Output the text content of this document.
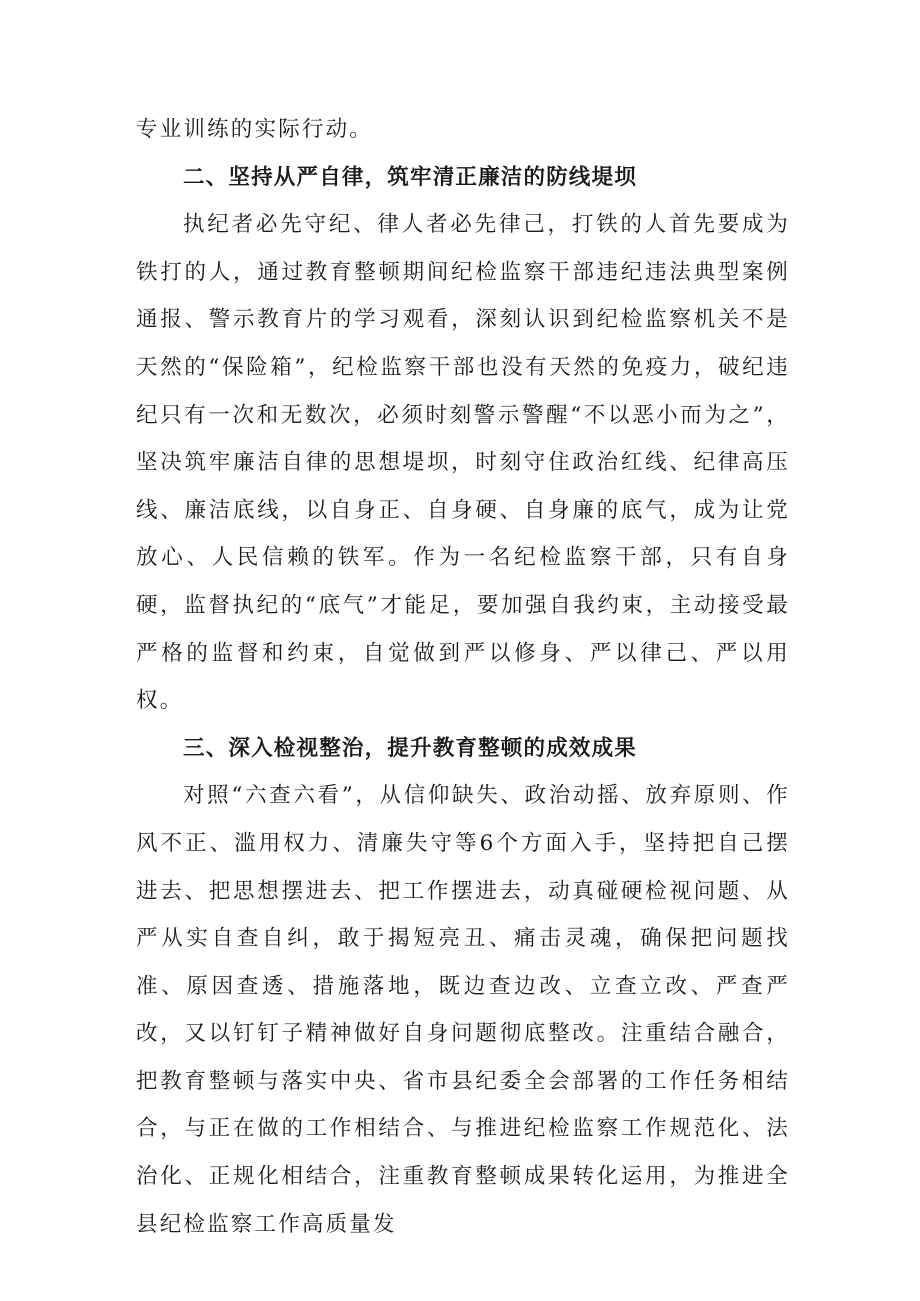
专业训练的实际行动。

二、坚持从严自律，筑牢清正廉洁的防线堤坝

执纪者必先守纪、律人者必先律己，打铁的人首先要成为铁打的人，通过教育整顿期间纪检监察干部违纪违法典型案例通报、警示教育片的学习观看，深刻认识到纪检监察机关不是天然的“保险箱”，纪检监察干部也没有天然的免疫力，破纪违纪只有一次和无数次，必须时刻警示警醒“不以恶小而为之”，坚决筑牢廉洁自律的思想堤坝，时刻守住政治红线、纪律高压线、廉洁底线，以自身正、自身硬、自身廉的底气，成为让党放心、人民信赖的铁军。作为一名纪检监察干部，只有自身硬，监督执纪的“底气”才能足，要加强自我约束，主动接受最严格的监督和约束，自觉做到严以修身、严以律己、严以用权。

三、深入检视整治，提升教育整顿的成效成果

对照“六查六看”，从信仰缺失、政治动摇、放弃原则、作风不正、滥用权力、清廉失守等6个方面入手，坚持把自己摆进去、把思想摆进去、把工作摆进去，动真碰硬检视问题、从严从实自查自纠，敢于揭短亮丑、痛击灵魂，确保把问题找准、原因查透、措施落地，既边查边改、立查立改、严查严改，又以钉钉子精神做好自身问题彻底整改。注重结合融合，把教育整顿与落实中央、省市县纪委全会部署的工作任务相结合，与正在做的工作相结合、与推进纪检监察工作规范化、法治化、正规化相结合，注重教育整顿成果转化运用，为推进全县纪检监察工作高质量发
